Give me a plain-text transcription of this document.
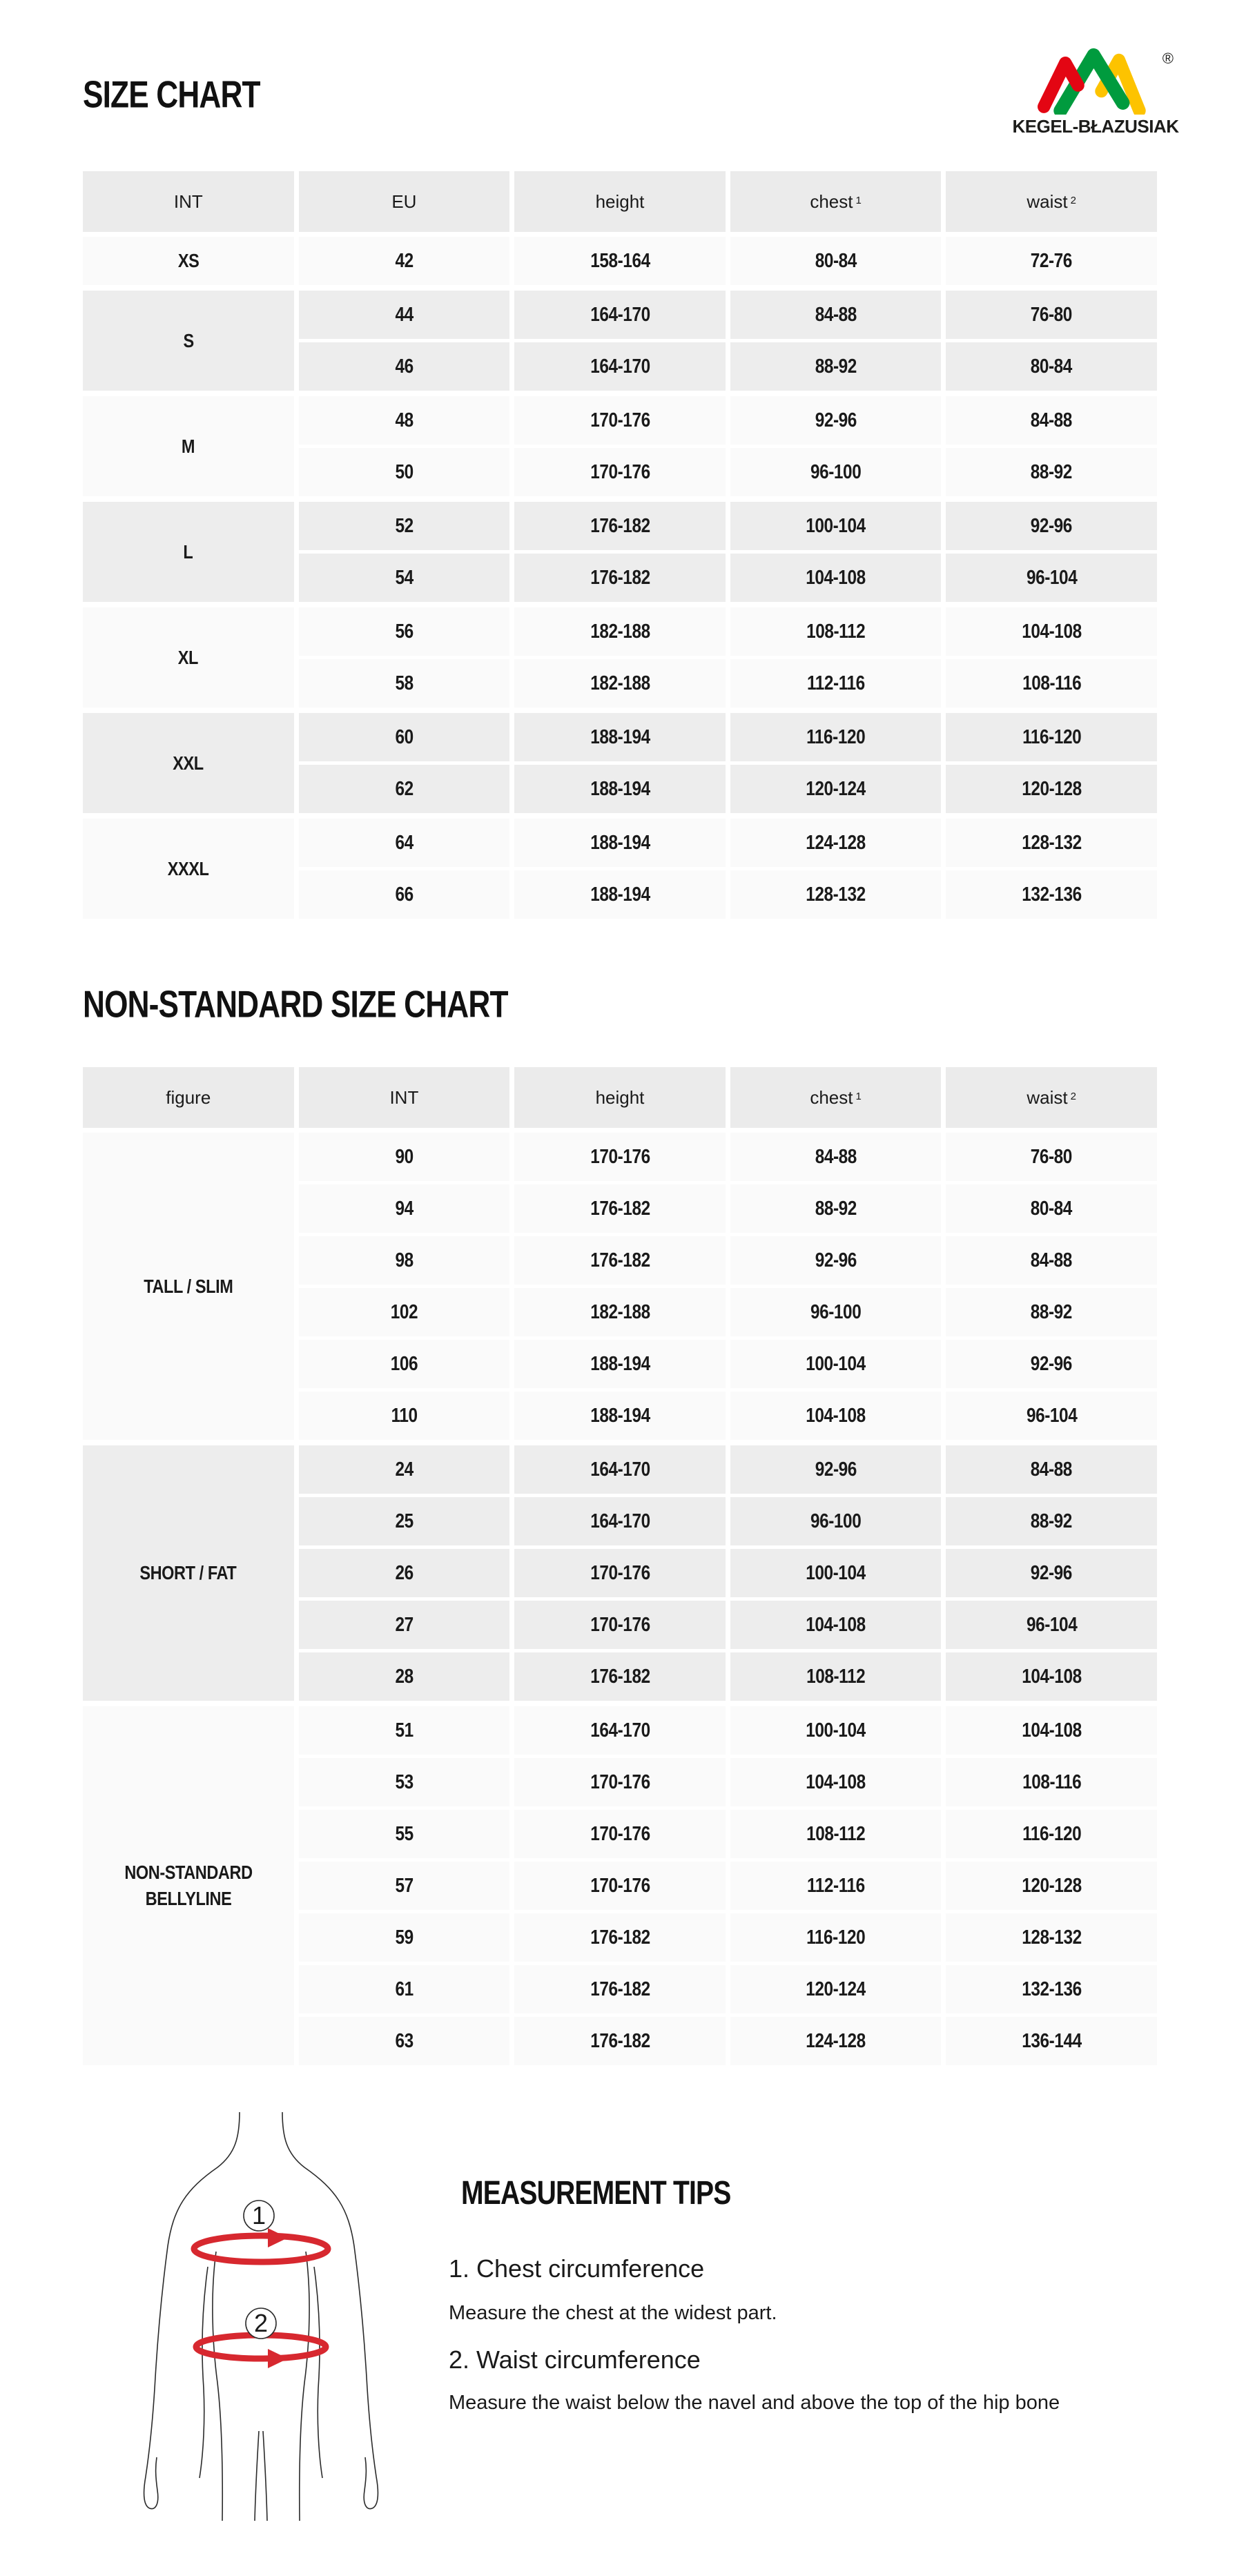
SIZE CHART
NON-STANDARD SIZE CHART
®
KEGEL-BŁAZUSIAK
INT	EU	height	chest $^1$	waist $^2$
XS	42	158-164	80-84	72-76
S
44	164-170	84-88	76-80
46	164-170	88-92	80-84
M
48	170-176	92-96	84-88
50	170-176	96-100	88-92
L
52	176-182	100-104	92-96
54	176-182	104-108	96-104
XL
56	182-188	108-112	104-108
58	182-188	112-116	108-116
XXL
60	188-194	116-120	116-120
62	188-194	120-124	120-128
XXXL
64	188-194	124-128	128-132
66	188-194	128-132	132-136
figure	INT	height	chest $^1$	waist $^2$
TALL / SLIM
90	170-176	84-88	76-80
94	176-182	88-92	80-84
98	176-182	92-96	84-88
102	182-188	96-100	88-92
106	188-194	100-104	92-96
110	188-194	104-108	96-104
SHORT / FAT
24	164-170	92-96	84-88
25	164-170	96-100	88-92
26	170-176	100-104	92-96
27	170-176	104-108	96-104
28	176-182	108-112	104-108
NON-STANDARD BELLYLINE
51	164-170	100-104	104-108
53	170-176	104-108	108-116
55	170-176	108-112	116-120
57	170-176	112-116	120-128
59	176-182	116-120	128-132
61	176-182	120-124	132-136
63	176-182	124-128	136-144
1
2
MEASUREMENT TIPS
1. Chest circumference
Measure the chest at the widest part.
2. Waist circumference
Measure the waist below the navel and above the top of the hip bone
